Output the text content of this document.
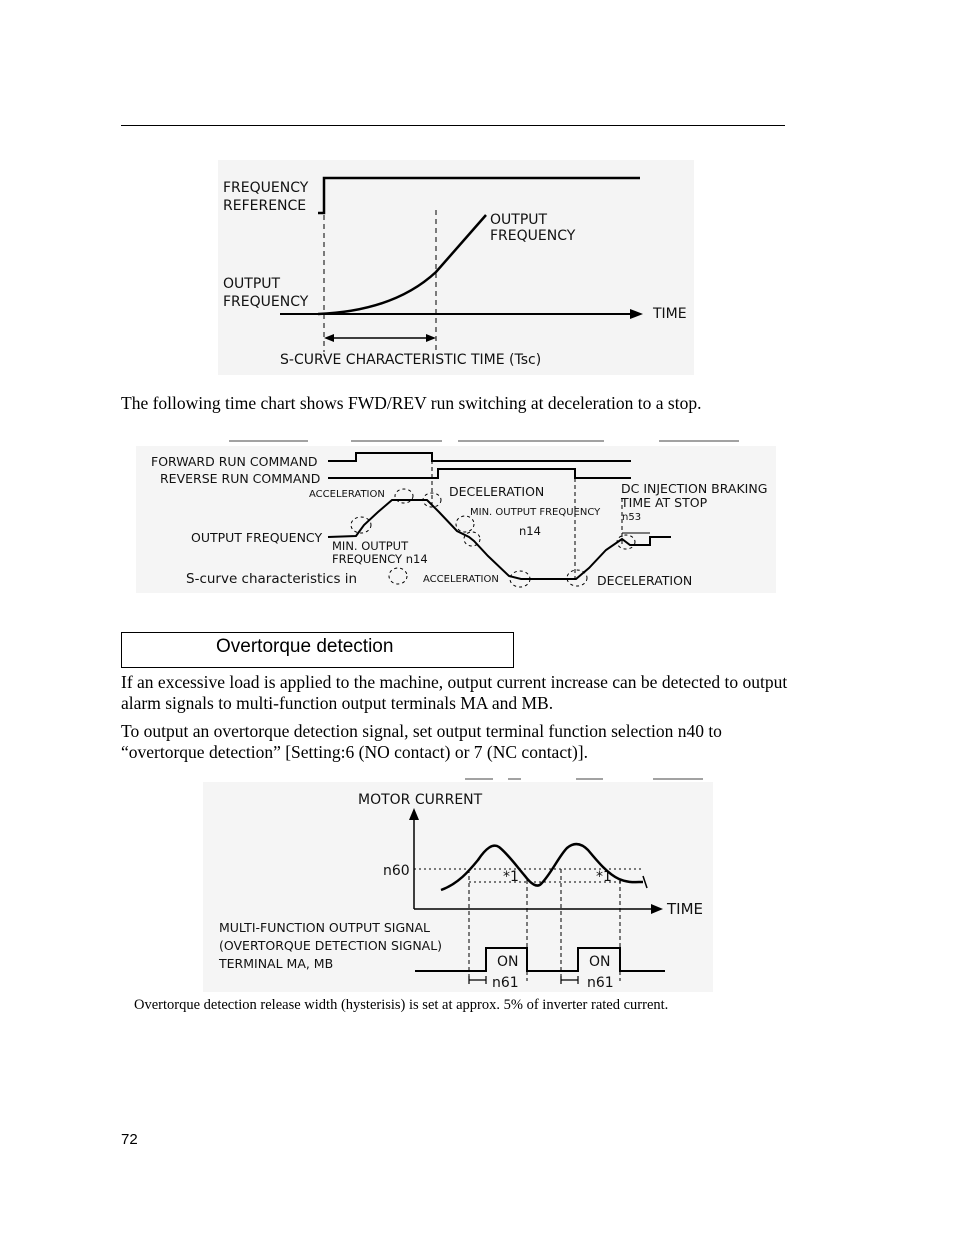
FREQUENCY
REFERENCE
OUTPUT
FREQUENCY
OUTPUT
FREQUENCY
TIME
S-CURVE CHARACTERISTIC TIME (Tsc)
The following time chart shows FWD/REV run switching at deceleration to a stop.
FORWARD RUN COMMAND
REVERSE RUN COMMAND
OUTPUT FREQUENCY
S-curve characteristics in
DECELERATION	DC INJECTION BRAKING
TIME AT STOP
n14
MIN. OUTPUT
FREQUENCY n14
DECELERATION
ACCELERATION
MIN. OUTPUT FREQUENCY n53
ACCELERATION
Overtorque detection
If an excessive load is applied to the machine, output current increase can be detected to output alarm signals to multi-function output terminals MA and MB.
To output an overtorque detection signal, set output terminal function selection n40 to “overtorque detection” [Setting:6 (NO contact) or 7 (NC contact)].
MOTOR CURRENT
n60	*1	*1
TIME
MULTI-FUNCTION OUTPUT SIGNAL
(OVERTORQUE DETECTION SIGNAL)
TERMINAL MA, MB	ON	ON
n61	n61
Overtorque detection release width (hysterisis) is set at approx. 5% of inverter rated current.
72
